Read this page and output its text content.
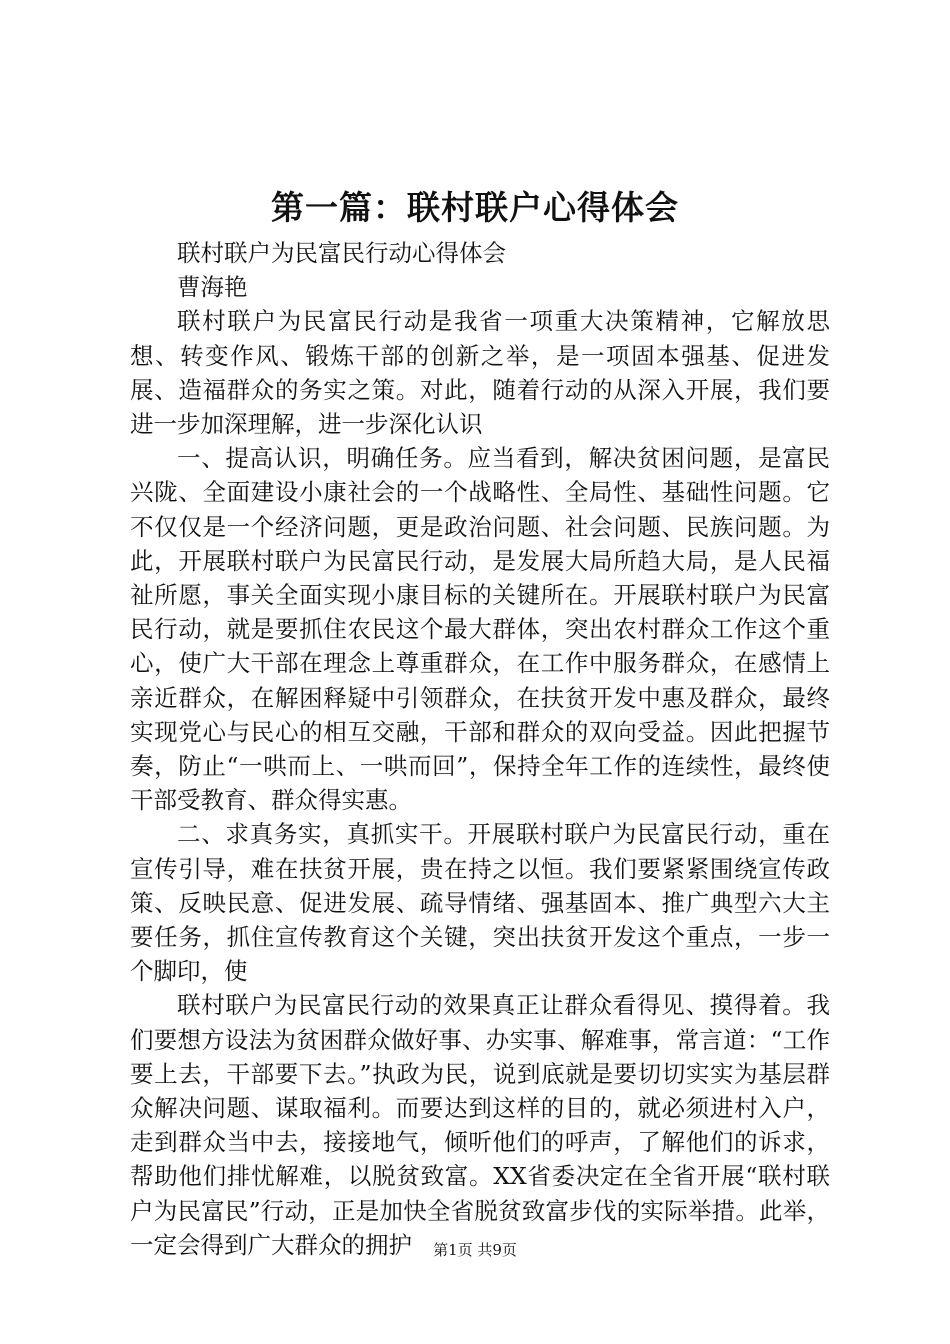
第一篇：联村联户心得体会

联村联户为民富民行动心得体会

曹海艳

联村联户为民富民行动是我省一项重大决策精神，它解放思想、转变作风、锻炼干部的创新之举，是一项固本强基、促进发展、造福群众的务实之策。对此，随着行动的从深入开展，我们要进一步加深理解，进一步深化认识

一、提高认识，明确任务。应当看到，解决贫困问题，是富民兴陇、全面建设小康社会的一个战略性、全局性、基础性问题。它不仅仅是一个经济问题，更是政治问题、社会问题、民族问题。为此，开展联村联户为民富民行动，是发展大局所趋大局，是人民福祉所愿，事关全面实现小康目标的关键所在。开展联村联户为民富民行动，就是要抓住农民这个最大群体，突出农村群众工作这个重心，使广大干部在理念上尊重群众，在工作中服务群众，在感情上亲近群众，在解困释疑中引领群众，在扶贫开发中惠及群众，最终实现党心与民心的相互交融，干部和群众的双向受益。因此把握节奏，防止“一哄而上、一哄而回”，保持全年工作的连续性，最终使干部受教育、群众得实惠。

二、求真务实，真抓实干。开展联村联户为民富民行动，重在宣传引导，难在扶贫开展，贵在持之以恒。我们要紧紧围绕宣传政策、反映民意、促进发展、疏导情绪、强基固本、推广典型六大主要任务，抓住宣传教育这个关键，突出扶贫开发这个重点，一步一个脚印，使

联村联户为民富民行动的效果真正让群众看得见、摸得着。我们要想方设法为贫困群众做好事、办实事、解难事，常言道：“工作要上去，干部要下去。”执政为民，说到底就是要切切实实为基层群众解决问题、谋取福利。而要达到这样的目的，就必须进村入户，走到群众当中去，接接地气，倾听他们的呼声，了解他们的诉求，帮助他们排忧解难，以脱贫致富。XX省委决定在全省开展“联村联户为民富民”行动，正是加快全省脱贫致富步伐的实际举措。此举，一定会得到广大群众的拥护	第1页 共9页
